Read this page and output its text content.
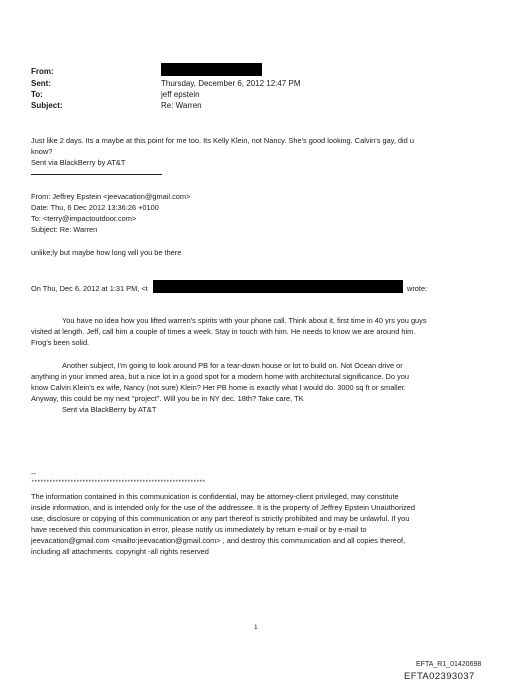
From:
Sent:	Thursday, December 6, 2012 12:47 PM
To:	jeff epstein
Subject:	Re: Warren
Just like 2 days. Its a maybe at this point for me too. Its Kelly Klein, not Nancy. She's good looking. Calvin's gay, did u
know?
Sent via BlackBerry by AT&T
From: Jeffrey Epstein <jeevacation@gmail.com>
Date: Thu, 6 Dec 2012 13:36:26 +0100
To: <terry@impactoutdoor.com>
Subject: Re: Warren
unlike;ly but maybe how long will you be there
On Thu, Dec 6, 2012 at 1:31 PM, <t	wrote:
You have no idea how you lifted warren's spirits with your phone call. Think about it, first time in 40 yrs you guys
visited at length. Jeff, call him a couple of times a week. Stay in touch with him. He needs to know we are around him.
Frog's been solid.
Another subject, I'm going to look around PB for a tear-down house or lot to build on. Not Ocean drive or
anything in your immed area, but a nice lot in a good spot for a modern home with architectural significance. Do you
know Calvin Klein's ex wife, Nancy (not sure) Klein? Her PB home is exactly what I would do. 3000 sq ft or smaller.
Anyway, this could be my next "project". Will you be in NY dec. 18th? Take care, TK
Sent via BlackBerry by AT&T
--
**********************************************************
The information contained in this communication is confidential, may be attorney-client privileged, may constitute
inside information, and is intended only for the use of the addressee. It is the property of Jeffrey Epstein Unauthorized
use, disclosure or copying of this communication or any part thereof is strictly prohibited and may be unlawful. If you
have received this communication in error, please notify us immediately by return e-mail or by e-mail to
jeevacation@gmail.com <mailto:jeevacation@gmail.com> , and destroy this communication and all copies thereof,
including all attachments. copyright -all rights reserved
1
EFTA_R1_01420698
EFTA02393037
